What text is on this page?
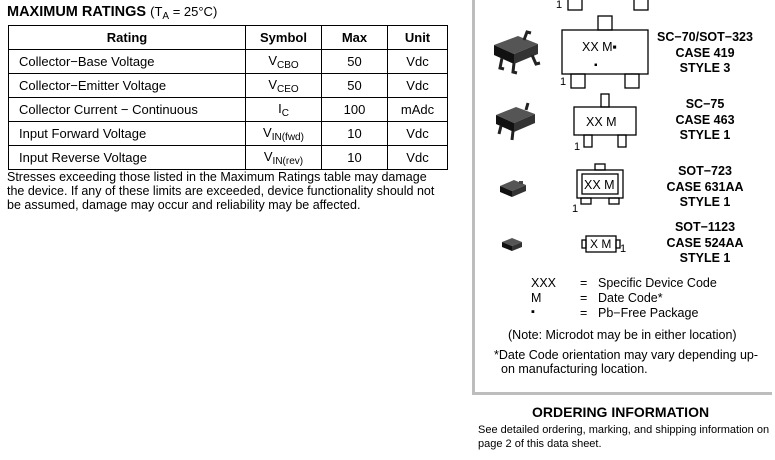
MAXIMUM RATINGS $(T_A = 25^\circ C)$
Rating	Symbol	Max	Unit
Collector−Base Voltage	$V_{CBO}$	50	Vdc
Collector−Emitter Voltage	$V_{CEO}$	50	Vdc
Collector Current − Continuous	$I_C$	100	mAdc
Input Forward Voltage	$V_{IN(fwd)}$	10	Vdc
Input Reverse Voltage	$V_{IN(rev)}$	10	Vdc
Stresses exceeding those listed in the Maximum Ratings table may damage the device. If any of these limits are exceeded, device functionality should not be assumed, damage may occur and reliability may be affected.
1
XX M▪
▪
1
XX M
1
XX M
1
X M 1
SC−70/SOT−323
CASE 419
STYLE 3
SC−75
CASE 463
STYLE 1
SOT−723
CASE 631AA
STYLE 1
SOT−1123
CASE 524AA
STYLE 1
XXX = Specific Device Code
M	= Date Code*
▪	= Pb−Free Package
(Note: Microdot may be in either location)
*Date Code orientation may vary depending up-
on manufacturing location.
ORDERING INFORMATION
See detailed ordering, marking, and shipping information on page 2 of this data sheet.
